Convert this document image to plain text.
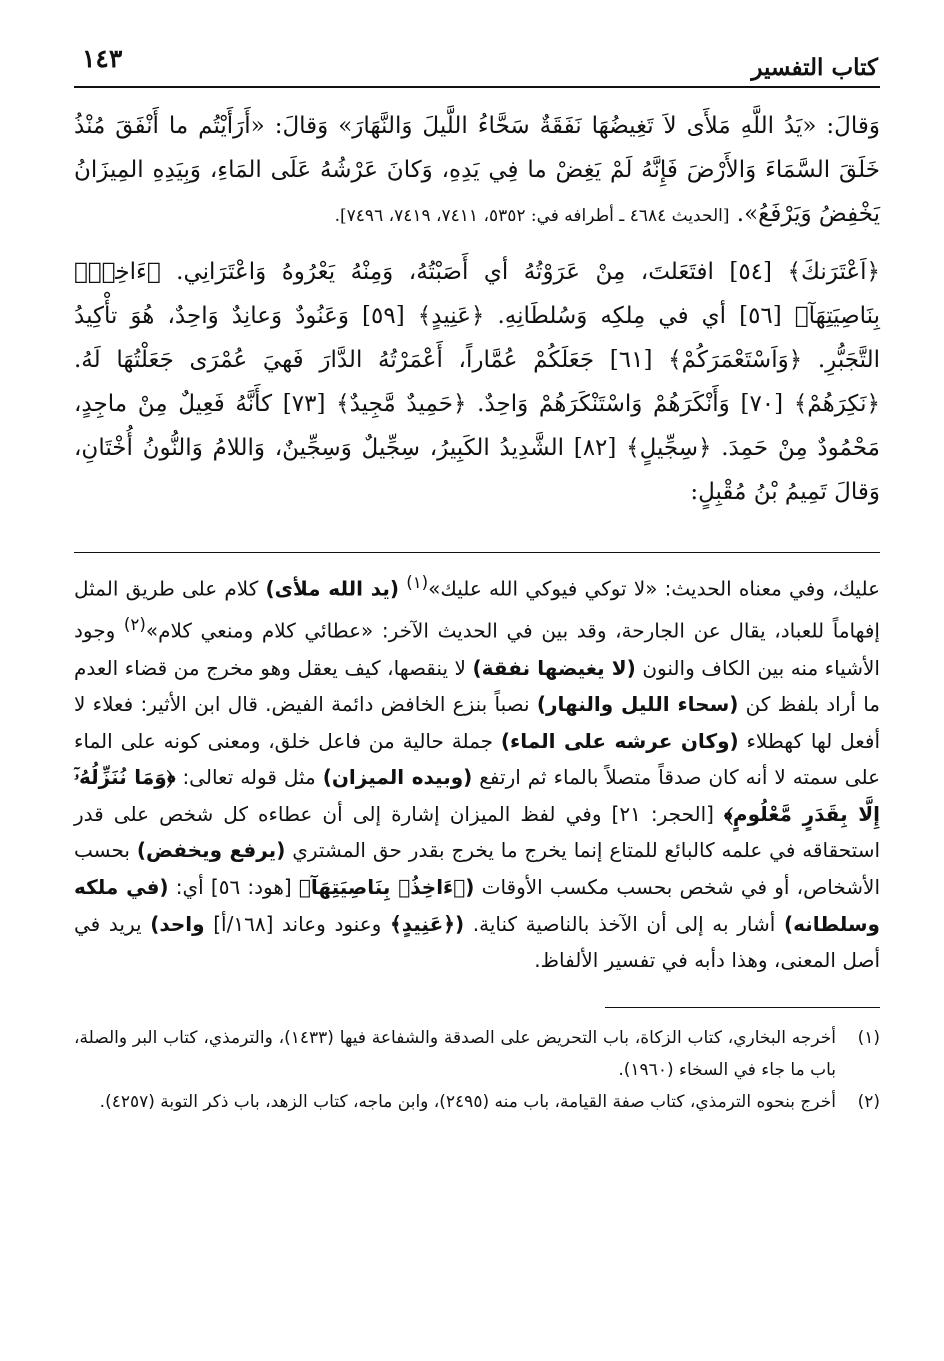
كتاب التفسير
١٤٣
وَقالَ: «يَدُ اللَّهِ مَلأَى لاَ تَغِيضُهَا نَفَقَةٌ سَحَّاءُ اللَّيلَ وَالنَّهَارَ» وَقالَ: «أَرَأَيْتُم ما أَنْفَقَ مُنْذُ خَلَقَ السَّمَاءَ وَالأَرْضَ فَإِنَّهُ لَمْ يَغِضْ ما فِي يَدِهِ، وَكانَ عَرْشُهُ عَلَى المَاءِ، وَبِيَدِهِ المِيزَانُ يَخْفِضُ وَيَرْفَعُ». [الحديث ٤٦٨٤ ـ أطرافه في: ٥٣٥٢، ٧٤١١، ٧٤١٩، ٧٤٩٦].
﴿اَعْتَرَنكَ﴾ [٥٤] افتَعَلتَ، مِنْ عَرَوْتُهُ أي أَصَبْتُهُ، وَمِنْهُ يَعْرُوهُ وَاعْتَرَانِي. ﴿ءَاخِذُۢ بِنَاصِيَتِهَآ﴾ [٥٦] أي في مِلكِه وَسُلطَانِهِ. ﴿عَنِيدٍ﴾ [٥٩] وَعَنُودٌ وَعانِدٌ وَاحِدٌ، هُوَ تأْكِيدُ التَّجَبُّرِ. ﴿وَاَسْتَعْمَرَكُمْ﴾ [٦١] جَعَلَكُمْ عُمَّاراً، أَعْمَرْتُهُ الدَّارَ فَهيَ عُمْرَى جَعَلْتُهَا لَهُ. ﴿نَكِرَهُمْ﴾ [٧٠] وَأَنْكَرَهُمْ وَاسْتَنْكَرَهُمْ وَاحِدٌ. ﴿حَمِيدٌ مَّجِيدٌ﴾ [٧٣] كأَنَّهُ فَعِيلٌ مِنْ ماجِدٍ، مَحْمُودٌ مِنْ حَمِدَ. ﴿سِجِّيلٍ﴾ [٨٢] الشَّدِيدُ الكَبِيرُ، سِجِّيلٌ وَسِجِّينٌ، وَاللامُ وَالنُّونُ أُخْتَانِ، وَقالَ تَمِيمُ بْنُ مُقْبِلٍ:
عليك، وفي معناه الحديث: «لا توكي فيوكي الله عليك»$^{(١)}$ (يد الله ملأى) كلام على طريق المثل إفهاماً للعباد، يقال عن الجارحة، وقد بين في الحديث الآخر: «عطائي كلام ومنعي كلام»$^{(٢)}$ وجود الأشياء منه بين الكاف والنون (لا يغيضها نفقة) لا ينقصها، كيف يعقل وهو مخرج من قضاء العدم ما أراد بلفظ كن (سحاء الليل والنهار) نصباً بنزع الخافض دائمة الفيض. قال ابن الأثير: فعلاء لا أفعل لها كهطلاء (وكان عرشه على الماء) جملة حالية من فاعل خلق، ومعنى كونه على الماء على سمته لا أنه كان صدقاً متصلاً بالماء ثم ارتفع (وبيده الميزان) مثل قوله تعالى: ﴿وَمَا نُنَزِّلُهُۥٓ إِلَّا بِقَدَرٍ مَّعْلُومٍ﴾ [الحجر: ٢١] وفي لفظ الميزان إشارة إلى أن عطاءه كل شخص على قدر استحقاقه في علمه كالبائع للمتاع إنما يخرج ما يخرج بقدر حق المشتري (يرفع ويخفض) بحسب الأشخاص، أو في شخص بحسب مكسب الأوقات (﴿ءَاخِذُۢ بِنَاصِيَتِهَآ﴾ [هود: ٥٦] أي: (في ملكه وسلطانه) أشار به إلى أن الآخذ بالناصية كناية. (﴿عَنِيدٍ﴾ وعنود وعاند [١٦٨/أ] واحد) يريد في أصل المعنى، وهذا دأبه في تفسير الألفاظ.
(١)
أخرجه البخاري، كتاب الزكاة، باب التحريض على الصدقة والشفاعة فيها (١٤٣٣)، والترمذي، كتاب البر والصلة، باب ما جاء في السخاء (١٩٦٠).
(٢)
أخرج بنحوه الترمذي، كتاب صفة القيامة، باب منه (٢٤٩٥)، وابن ماجه، كتاب الزهد، باب ذكر التوبة (٤٢٥٧).
